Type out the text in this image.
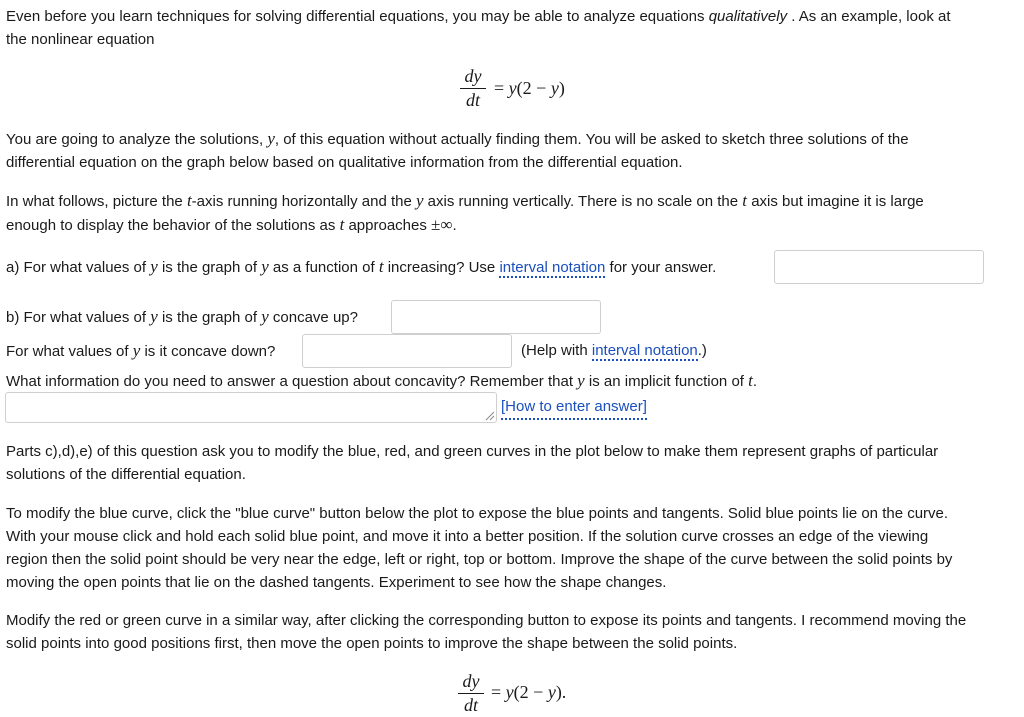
Even before you learn techniques for solving differential equations, you may be able to analyze equations qualitatively . As an example, look at
the nonlinear equation
dy
dt
= y(2 − y)
You are going to analyze the solutions, y, of this equation without actually finding them. You will be asked to sketch three solutions of the
differential equation on the graph below based on qualitative information from the differential equation.
In what follows, picture the t-axis running horizontally and the y axis running vertically. There is no scale on the t axis but imagine it is large
enough to display the behavior of the solutions as t approaches ±∞.
a) For what values of y is the graph of y as a function of t increasing? Use interval notation for your answer.
b) For what values of y is the graph of y concave up?
For what values of y is it concave down?	(Help with interval notation.)
What information do you need to answer a question about concavity? Remember that y is an implicit function of t.
[How to enter answer]
Parts c),d),e) of this question ask you to modify the blue, red, and green curves in the plot below to make them represent graphs of particular
solutions of the differential equation.
To modify the blue curve, click the "blue curve" button below the plot to expose the blue points and tangents. Solid blue points lie on the curve.
With your mouse click and hold each solid blue point, and move it into a better position. If the solution curve crosses an edge of the viewing
region then the solid point should be very near the edge, left or right, top or bottom. Improve the shape of the curve between the solid points by
moving the open points that lie on the dashed tangents. Experiment to see how the shape changes.
Modify the red or green curve in a similar way, after clicking the corresponding button to expose its points and tangents. I recommend moving the
solid points into good positions first, then move the open points to improve the shape between the solid points.
dy
dt
= y(2 − y).
